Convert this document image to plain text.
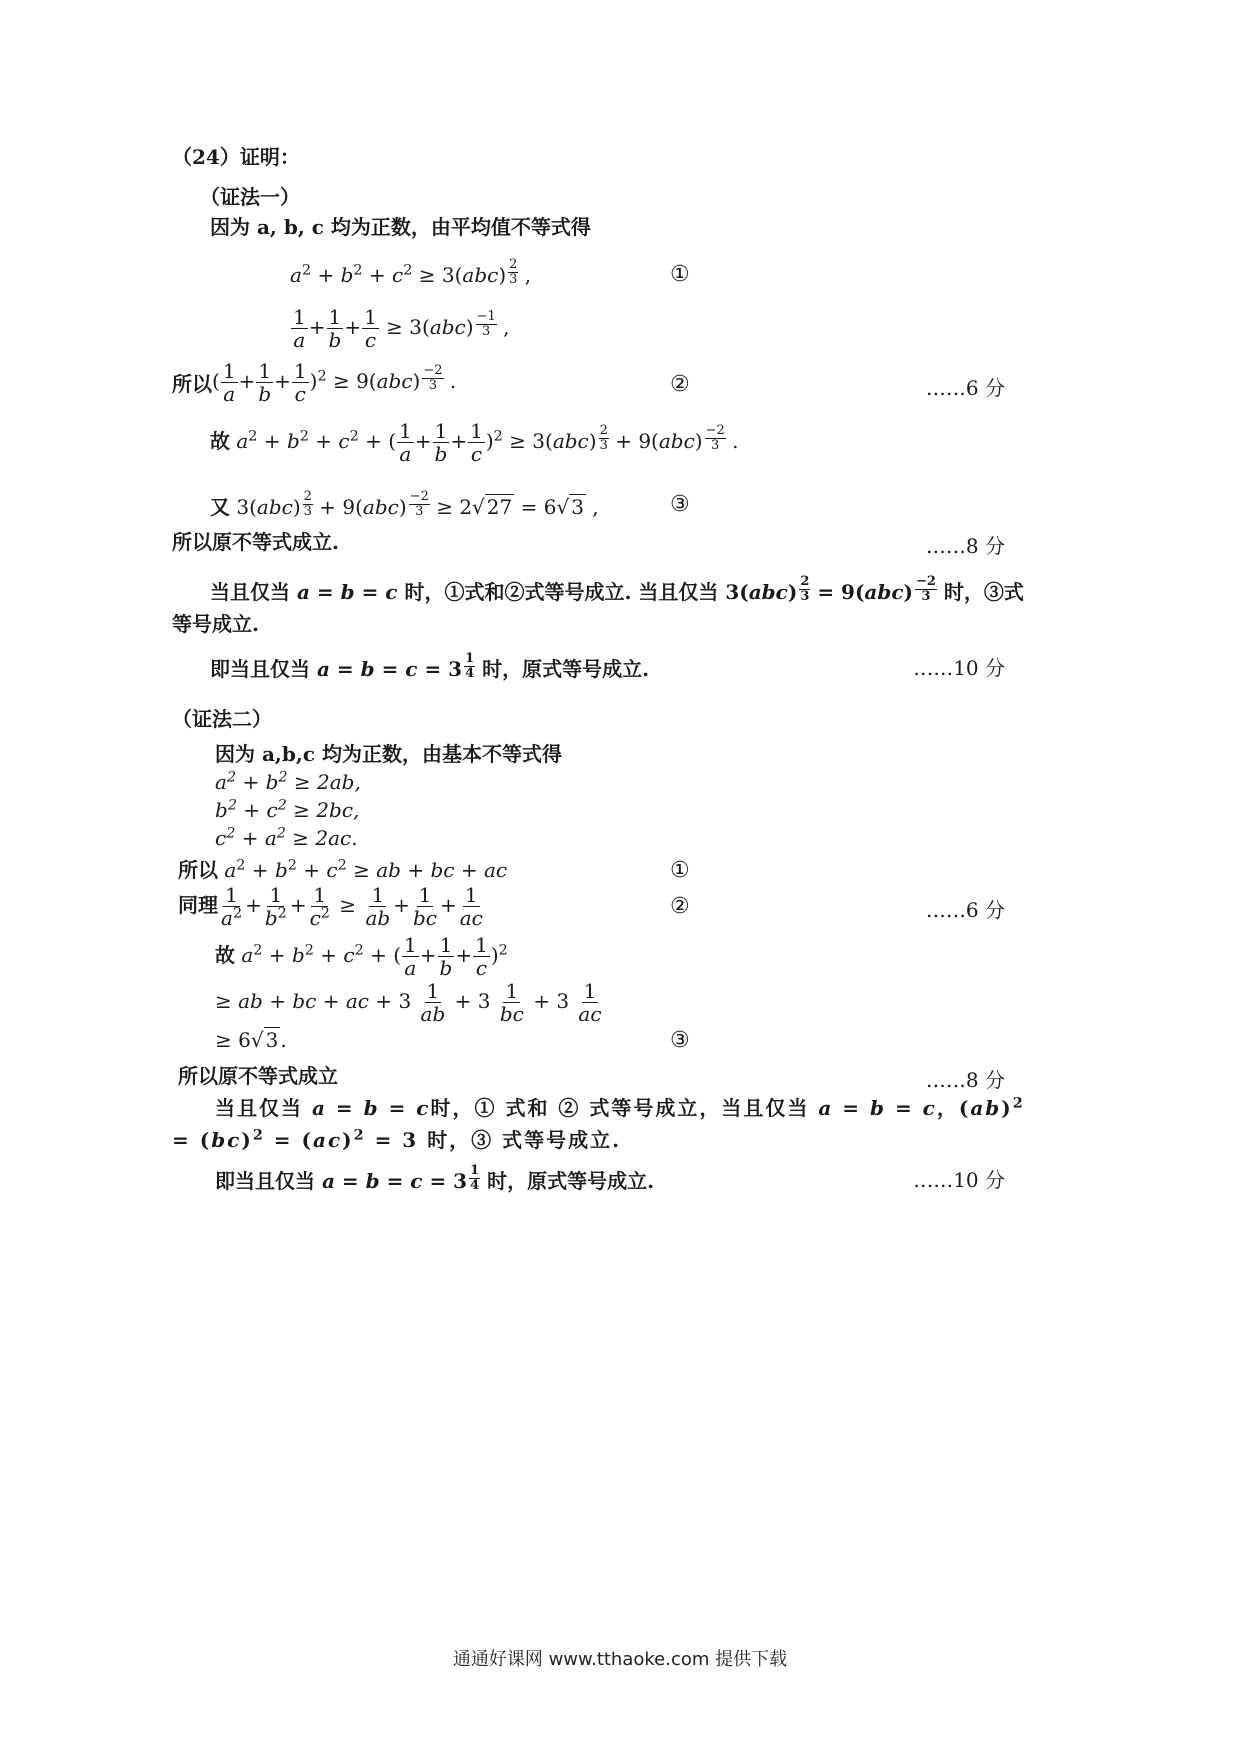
（24）证明：
（证法一）
因为 a, b, c 均为正数，由平均值不等式得
$a^2 + b^2 + c^2 \ge 3(abc) \frac{2}{3}$ ,	①
$\frac{1}{a} + \frac{1}{b} + \frac{1}{c} \ge 3(abc) \frac{-1}{3}$ ,
所以 ( $\frac{1}{a} + \frac{1}{b} + \frac{1}{c} )^2 \ge 9(abc) \frac{-2}{3}$ .	②	……6 分
故 $a^2 + b^2 + c^2$ + ( $\frac{1}{a} + \frac{1}{b} + \frac{1}{c} )^2 \ge 3(abc) \frac{2}{3} + 9(abc) \frac{-2}{3}$ .
又 $3(abc) \frac{2}{3} + 9(abc) \frac{-2}{3} \ge 2√$ 27 = 6√ 3 ,	③
所以原不等式成立.	……8 分
当且仅当 a = b = c 时，①式和②式等号成立. 当且仅当 $3(abc) \frac{2}{3} = 9(abc) \frac{-2}{3}$ 时，③式
等号成立.
即当且仅当 $a = b = c = 3 \frac{1}{4}$ 时，原式等号成立.	……10 分
（证法二）
因为 a,b,c 均为正数，由基本不等式得
$a^2 + b^2 \ge 2ab$,
$b^2 + c^2 \ge 2bc$,
$c^2 + a^2 \ge 2ac$.
所以 $a^2 + b^2 + c^2$ ≥ ab + bc + ac	①
同理 $\frac{1}{a^2} + \frac{1}{b^2} + \frac{1}{c^2} \ge \frac{1}{ab} + \frac{1}{bc} + \frac{1}{ac}$	②	……6 分
故 $a^2 + b^2 + c^2$ + ( $\frac{1}{a} + \frac{1}{b} + \frac{1}{c} )^2$
≥ ab + bc + ac + $3 \frac{1}{ab} + 3 \frac{1}{bc} + 3 \frac{1}{ac}$
≥ 6√ 3 .	③
所以原不等式成立	……8 分
当且仅当 a = b = c时，① 式和 ② 式等号成立，当且仅当 a = b = c，(ab)$^2$
= (bc)$^2$ = (ac)$^2$ = 3 时，③ 式等号成立.
即当且仅当 $a = b = c = 3 \frac{1}{4}$ 时，原式等号成立.	……10 分
通通好课网 www.tthaoke.com 提供下载
